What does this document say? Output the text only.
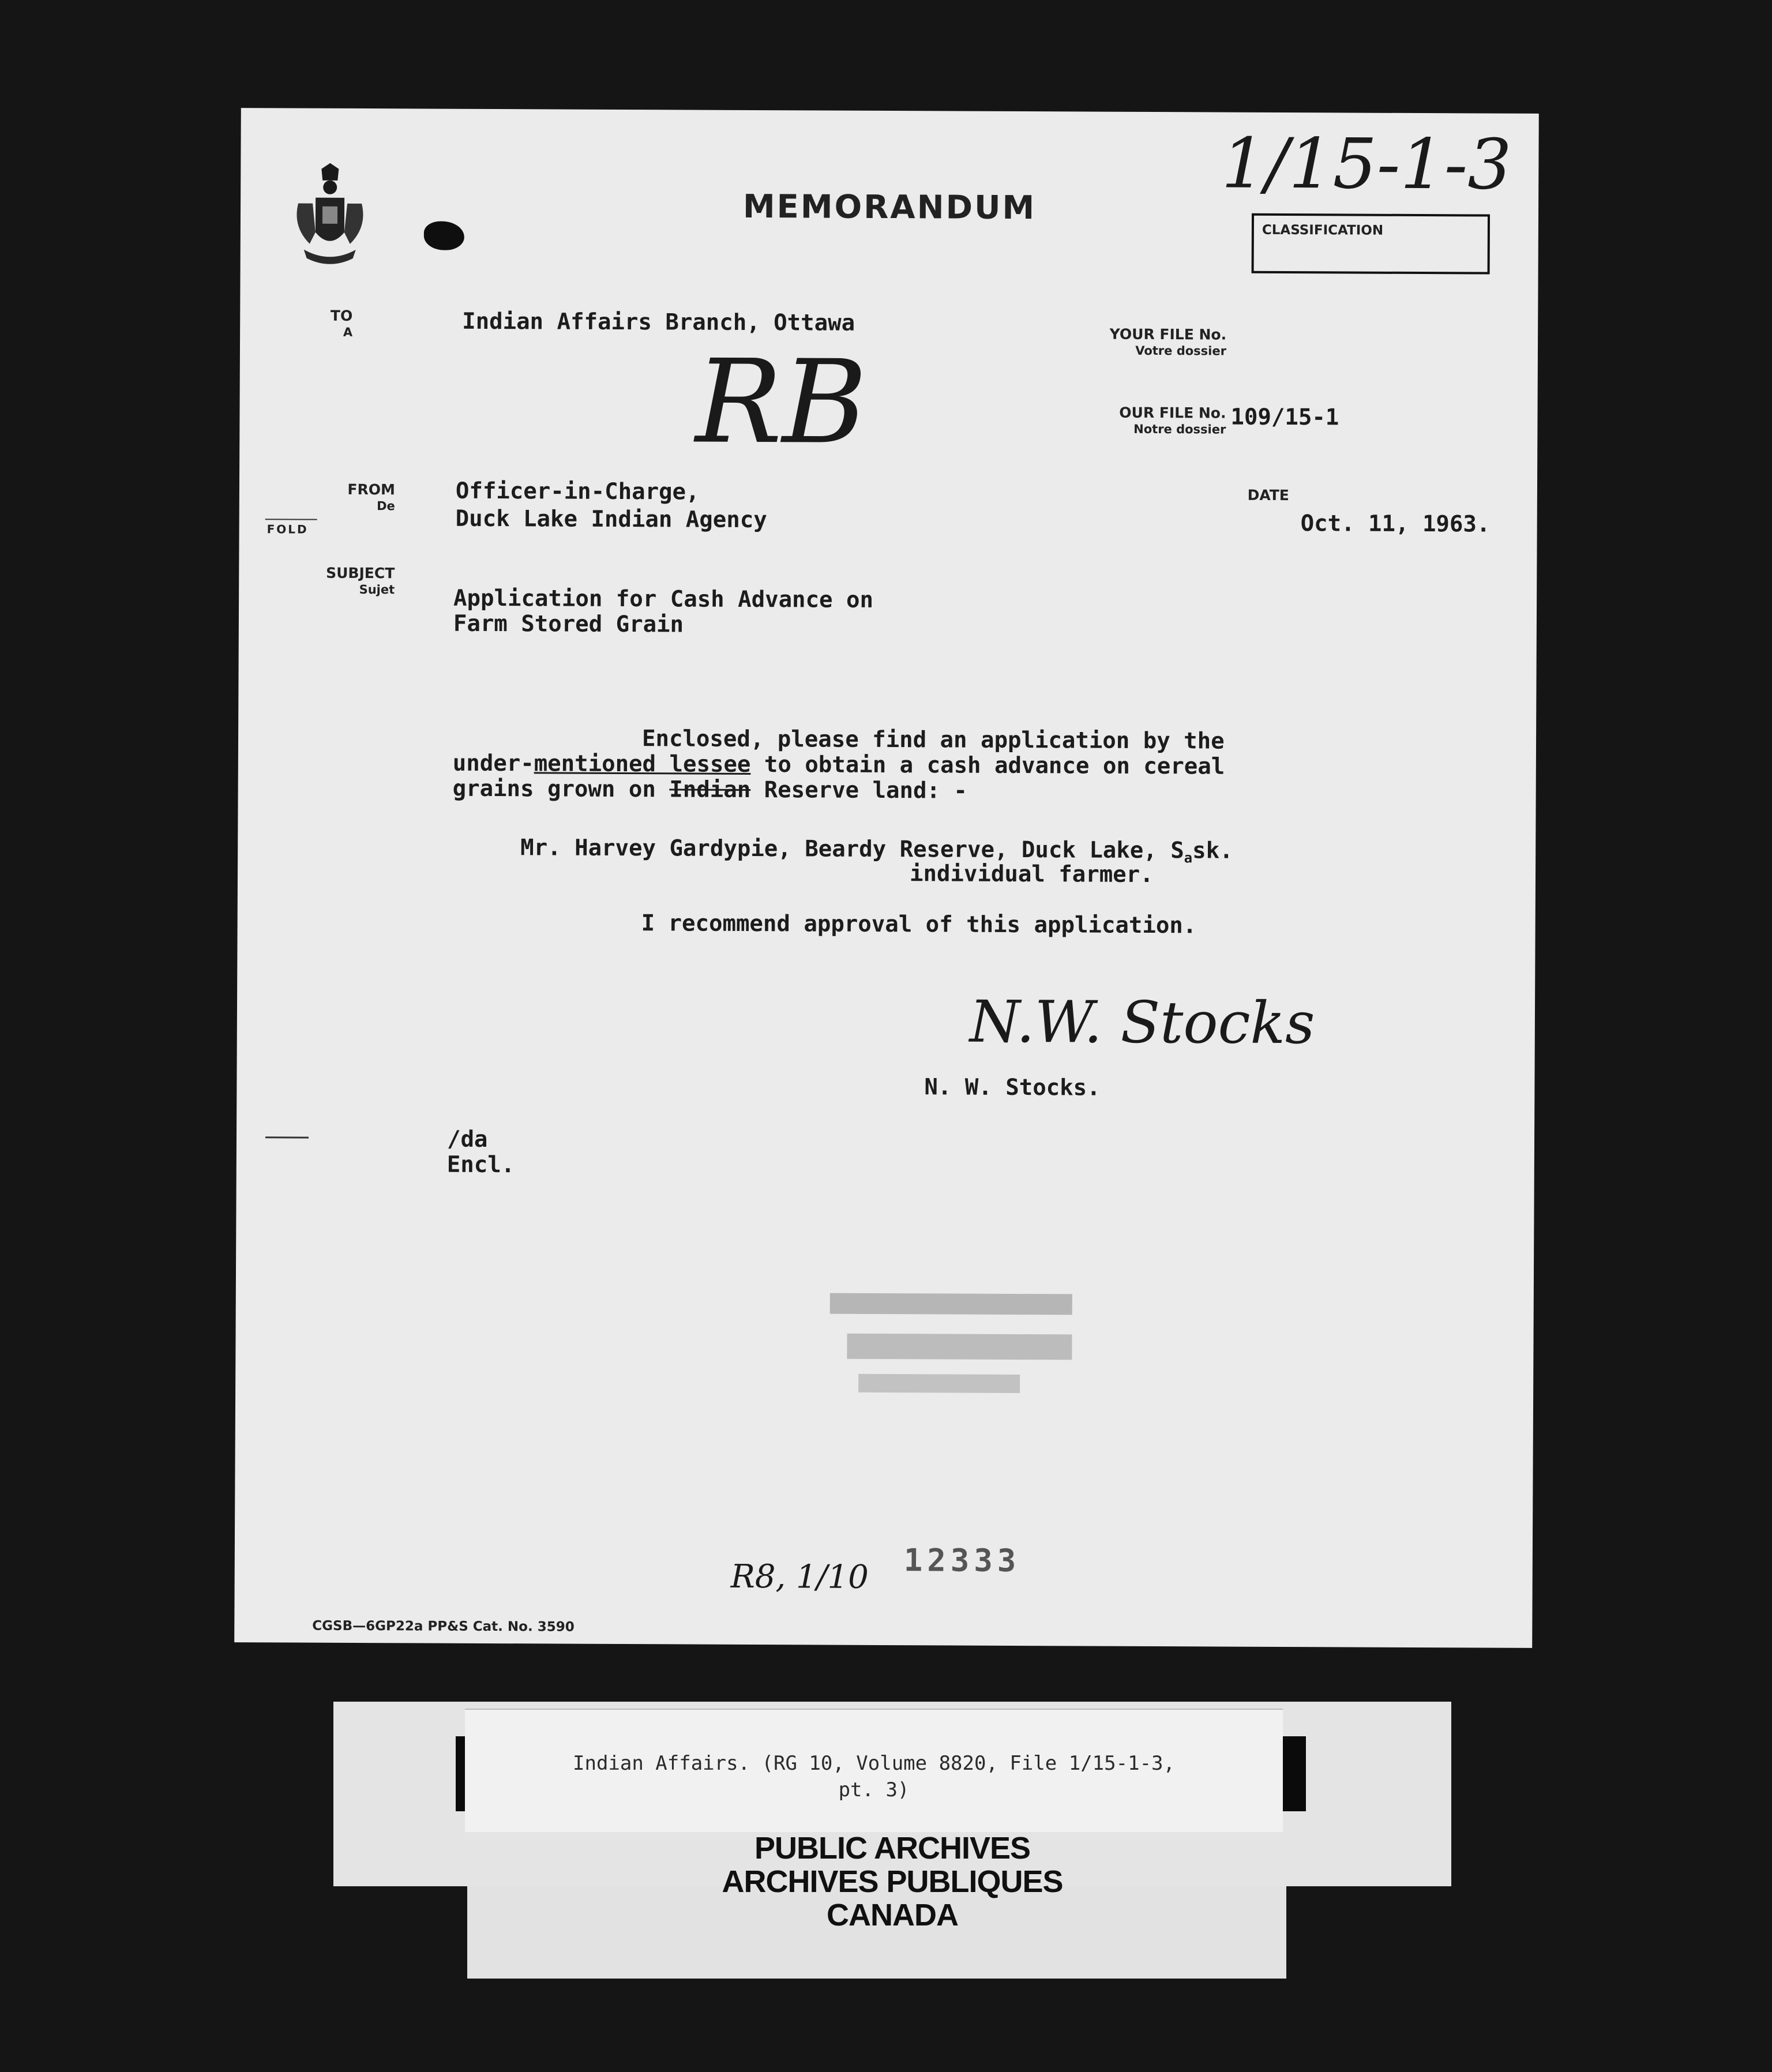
MEMORANDUM
1/15-1-3
CLASSIFICATION
TO
A	Indian Affairs Branch, Ottawa	YOUR FILE No.
Votre dossier
RB	OUR FILE No.
Notre dossier 109/15-1
FROM
De
Officer-in-Charge,
Duck Lake Indian Agency
FOLD
DATE
Oct. 11, 1963.
SUBJECT
Sujet	Application for Cash Advance on
Farm Stored Grain
Enclosed, please find an application by the
under-mentioned lessee to obtain a cash advance on cereal
grains grown on Indian Reserve land: -
Mr. Harvey Gardypie, Beardy Reserve, Duck Lake, $S_ask$.
individual farmer.
I recommend approval of this application.
N.W. Stocks
N. W. Stocks.
/da
Encl.
R8, 1/10 12333
CGSB—6GP22a PP&S Cat. No. 3590
Indian Affairs. (RG 10, Volume 8820, File 1/15-1-3,
pt. 3)
PUBLIC ARCHIVES
ARCHIVES PUBLIQUES
CANADA
